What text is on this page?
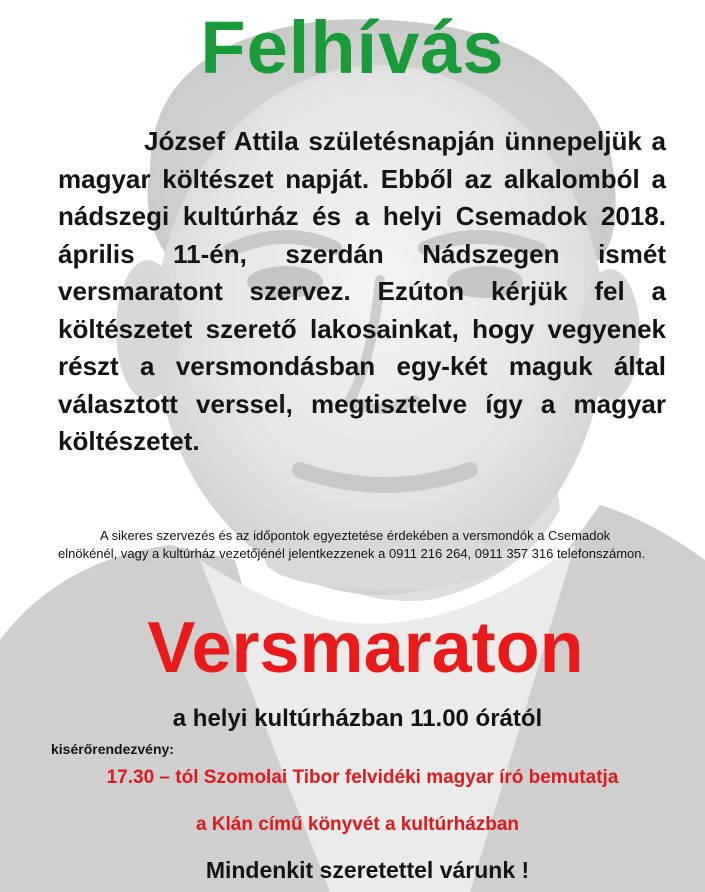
Felhívás

József Attila születésnapján ünnepeljük a magyar költészet napját. Ebből az alkalomból a nádszegi kultúrház és a helyi Csemadok 2018. április 11-én, szerdán Nádszegen ismét versmaratont szervez. Ezúton kérjük fel a költészetet szerető lakosainkat, hogy vegyenek részt a versmondásban egy-két maguk által választott verssel, megtisztelve így a magyar költészetet.

A sikeres szervezés és az időpontok egyeztetése érdekében a versmondók a Csemadok elnökénél, vagy a kultúrház vezetőjénél jelentkezzenek a 0911 216 264, 0911 357 316 telefonszámon.

Versmaraton
a helyi kultúrházban 11.00 órától
kisérőrendezvény:
17.30 – tól Szomolai Tibor felvidéki magyar író bemutatja
a Klán című könyvét a kultúrházban
Mindenkit szeretettel várunk !
